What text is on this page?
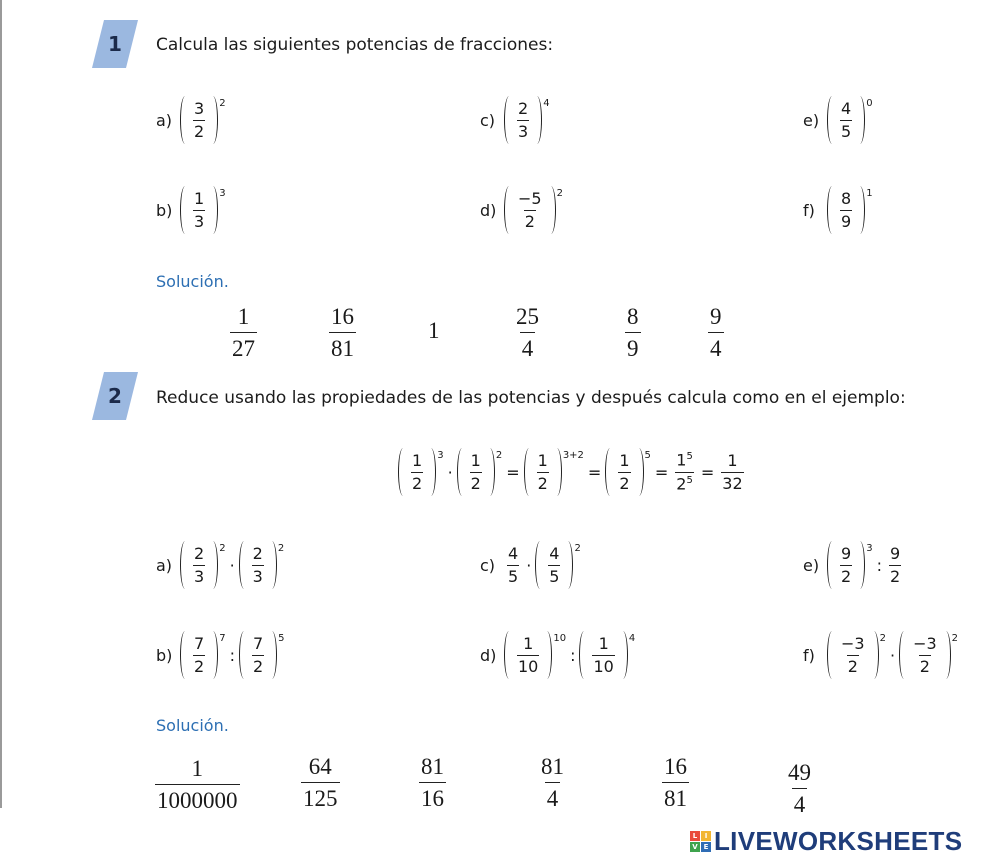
1	Calcula las siguientes potencias de fracciones:
a)	$\frac{3}{2} 2$
b)	$\frac{1}{3} 3$
c)	$\frac{2}{3} 4$
d)	$\frac{-5}{2} 2$
e)	$\frac{4}{5} 0$
f)	$\frac{8}{9} 1$
Solución.
$\frac{1}{27}$	$\frac{16}{81}$	1	$\frac{25}{4}$	$\frac{8}{9}$	$\frac{9}{4}$
2	Reduce usando las propiedades de las potencias y después calcula como en el ejemplo:
$\frac{1}{2} 3$
· $\frac{1}{2} 2$
= $\frac{1}{2} 3+2$
= $\frac{1}{2} 5$
= $\frac{1^5}{2^5} = \frac{1}{32}$
a)	$\frac{2}{3} 2$
· $\frac{2}{3} 2$
b)	$\frac{7}{2} 7$
: $\frac{7}{2} 5$
$c) \frac{4}{5} \cdot \frac{4}{5} 2$
d)	$\frac{1}{10} 10$
: $\frac{1}{10} 4$
e)	$\frac{9}{2} 3$
: $\frac{9}{2}$
f)	$\frac{-3}{2} 2$
· $\frac{-3}{2} 2$
Solución.
$\frac{1}{1000000}$	$\frac{64}{125}$	$\frac{81}{16}$	$\frac{81}{4}$	$\frac{16}{81}$	$\frac{49}{4}$
L	I
V E LIVEWORKSHEETS
